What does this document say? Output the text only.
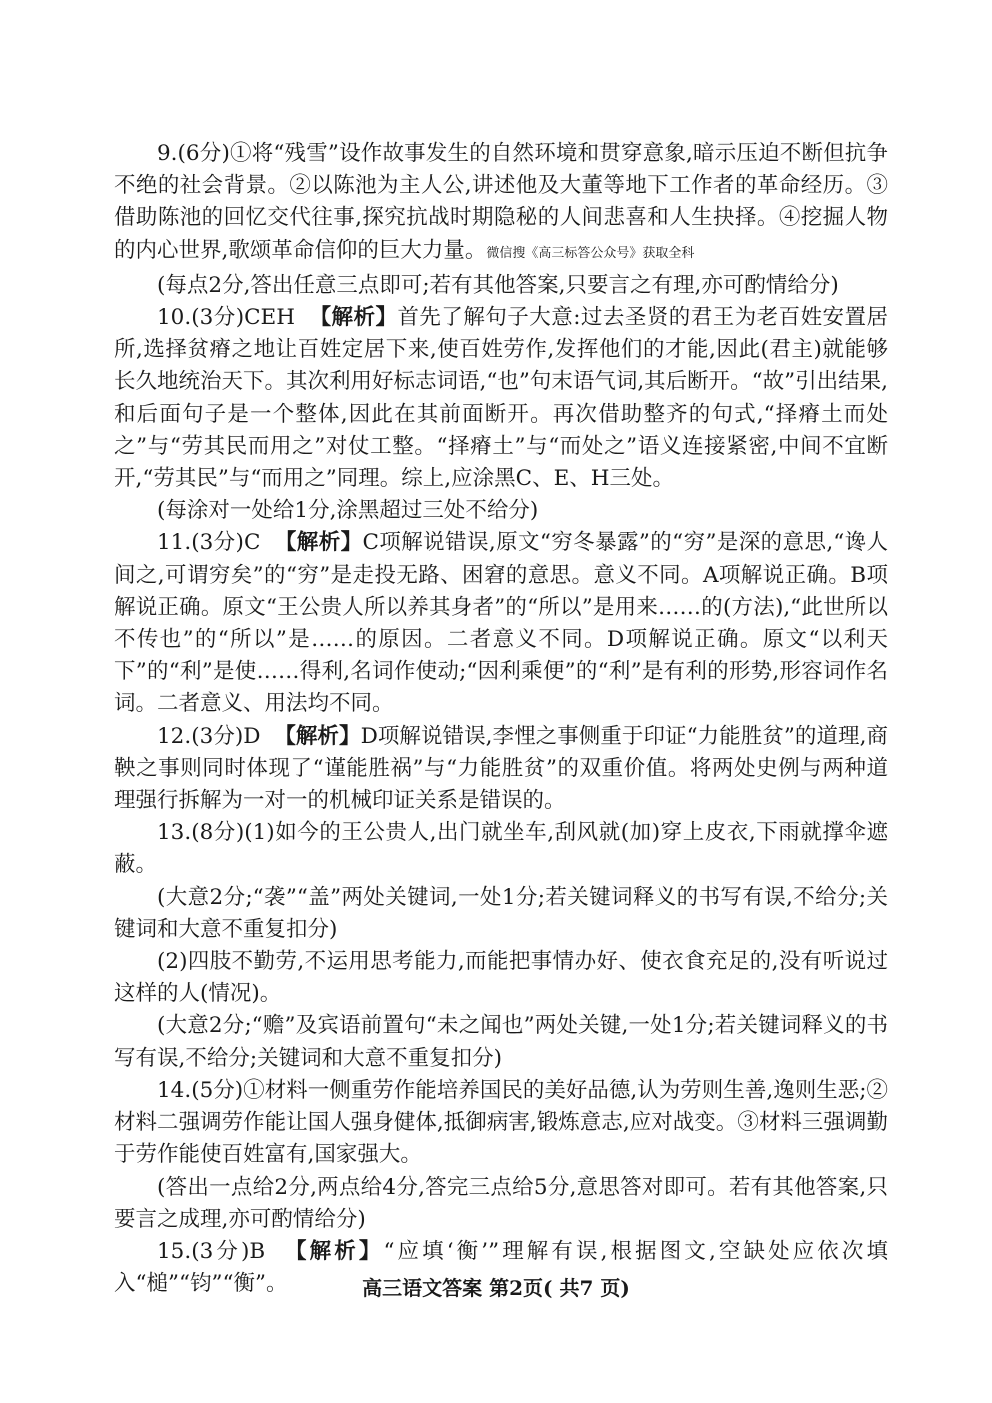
9.(6分)①将“残雪”设作故事发生的自然环境和贯穿意象,暗示压迫不断但抗争不绝的社会背景。②以陈池为主人公,讲述他及大董等地下工作者的革命经历。③借助陈池的回忆交代往事,探究抗战时期隐秘的人间悲喜和人生抉择。④挖掘人物的内心世界,歌颂革命信仰的巨大力量。微信搜《高三标答公众号》获取全科

(每点2分,答出任意三点即可;若有其他答案,只要言之有理,亦可酌情给分)

10.(3分)CEH 【解析】首先了解句子大意:过去圣贤的君王为老百姓安置居所,选择贫瘠之地让百姓定居下来,使百姓劳作,发挥他们的才能,因此(君主)就能够长久地统治天下。其次利用好标志词语,“也”句末语气词,其后断开。“故”引出结果,和后面句子是一个整体,因此在其前面断开。再次借助整齐的句式,“择瘠土而处之”与“劳其民而用之”对仗工整。“择瘠土”与“而处之”语义连接紧密,中间不宜断开,“劳其民”与“而用之”同理。综上,应涂黑C、E、H三处。

(每涂对一处给1分,涂黑超过三处不给分)

11.(3分)C 【解析】C项解说错误,原文“穷冬暴露”的“穷”是深的意思,“谗人间之,可谓穷矣”的“穷”是走投无路、困窘的意思。意义不同。A项解说正确。B项解说正确。原文“王公贵人所以养其身者”的“所以”是用来……的(方法),“此世所以不传也”的“所以”是……的原因。二者意义不同。D项解说正确。原文“以利天下”的“利”是使……得利,名词作使动;“因利乘便”的“利”是有利的形势,形容词作名词。二者意义、用法均不同。

12.(3分)D 【解析】D项解说错误,李悝之事侧重于印证“力能胜贫”的道理,商鞅之事则同时体现了“谨能胜祸”与“力能胜贫”的双重价值。将两处史例与两种道理强行拆解为一对一的机械印证关系是错误的。

13.(8分)(1)如今的王公贵人,出门就坐车,刮风就(加)穿上皮衣,下雨就撑伞遮蔽。

(大意2分;“袭”“盖”两处关键词,一处1分;若关键词释义的书写有误,不给分;关键词和大意不重复扣分)

(2)四肢不勤劳,不运用思考能力,而能把事情办好、使衣食充足的,没有听说过这样的人(情况)。

(大意2分;“赡”及宾语前置句“未之闻也”两处关键,一处1分;若关键词释义的书写有误,不给分;关键词和大意不重复扣分)

14.(5分)①材料一侧重劳作能培养国民的美好品德,认为劳则生善,逸则生恶;②材料二强调劳作能让国人强身健体,抵御病害,锻炼意志,应对战变。③材料三强调勤于劳作能使百姓富有,国家强大。

(答出一点给2分,两点给4分,答完三点给5分,意思答对即可。若有其他答案,只要言之成理,亦可酌情给分)

15.(3分)B 【解析】“应填‘衡’”理解有误,根据图文,空缺处应依次填入“槌”“钧”“衡”。	高三语文答案 第2页( 共7 页)
